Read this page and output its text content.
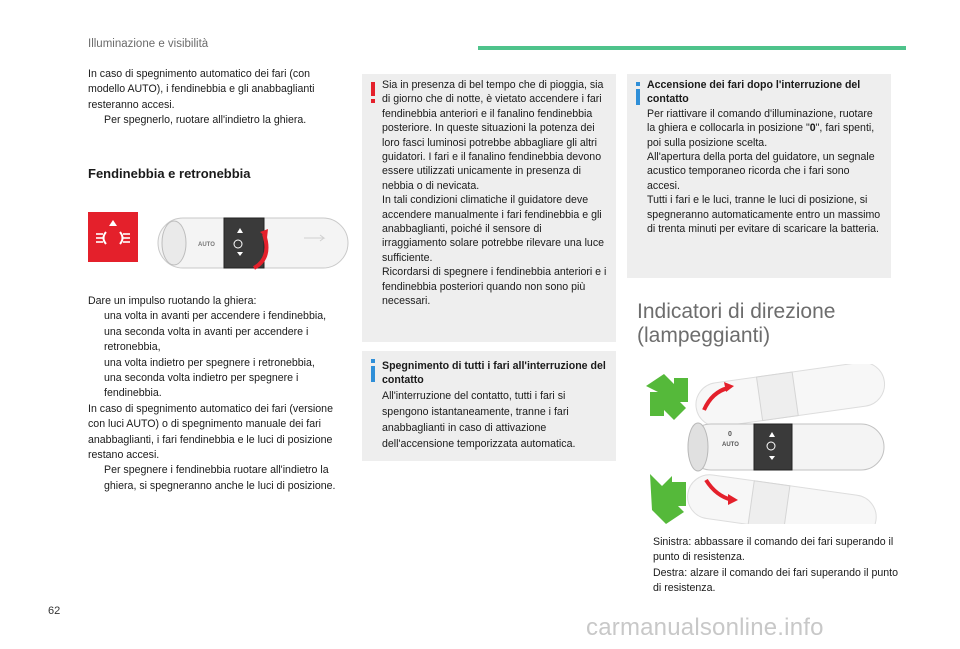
Illuminazione e visibilità

In caso di spegnimento automatico dei fari (con modello AUTO), i fendinebbia e gli anabbaglianti resteranno accesi.

Per spegnerlo, ruotare all'indietro la ghiera.
Fendinebbia e retronebbia
AUTO

Dare un impulso ruotando la ghiera:

una volta in avanti per accendere i fendinebbia,
una seconda volta in avanti per accendere i retronebbia,
una volta indietro per spegnere i retronebbia,
una seconda volta indietro per spegnere i fendinebbia.

In caso di spegnimento automatico dei fari (versione con luci AUTO) o di spegnimento manuale dei fari anabbaglianti, i fari fendinebbia e le luci di posizione restano accesi.

Per spegnere i fendinebbia ruotare all'indietro la ghiera, si spegneranno anche le luci di posizione.

Sia in presenza di bel tempo che di pioggia, sia di giorno che di notte, è vietato accendere i fari fendinebbia anteriori e il fanalino fendinebbia posteriore. In queste situazioni la potenza dei loro fasci luminosi potrebbe abbagliare gli altri guidatori. I fari e il fanalino fendinebbia devono essere utilizzati unicamente in presenza di nebbia o di nevicata.

In tali condizioni climatiche il guidatore deve accendere manualmente i fari fendinebbia e gli anabbaglianti, poiché il sensore di irraggiamento solare potrebbe rilevare una luce sufficiente.

Ricordarsi di spegnere i fendinebbia anteriori e i fendinebbia posteriori quando non sono più necessari.

Spegnimento di tutti i fari all'interruzione del contatto

All'interruzione del contatto, tutti i fari si spengono istantaneamente, tranne i fari anabbaglianti in caso di attivazione dell'accensione temporizzata automatica.

Accensione dei fari dopo l'interruzione del contatto

Per riattivare il comando d'illuminazione, ruotare la ghiera e collocarla in posizione "0", fari spenti, poi sulla posizione scelta.

All'apertura della porta del guidatore, un segnale acustico temporaneo ricorda che i fari sono accesi.

Tutti i fari e le luci, tranne le luci di posizione, si spegneranno automaticamente entro un massimo di trenta minuti per evitare di scaricare la batteria.

Indicatori di direzione
(lampeggianti)
0
AUTO
Sinistra: abbassare il comando dei fari superando il punto di resistenza.
Destra: alzare il comando dei fari superando il punto di resistenza.
62
carmanualsonline.info
